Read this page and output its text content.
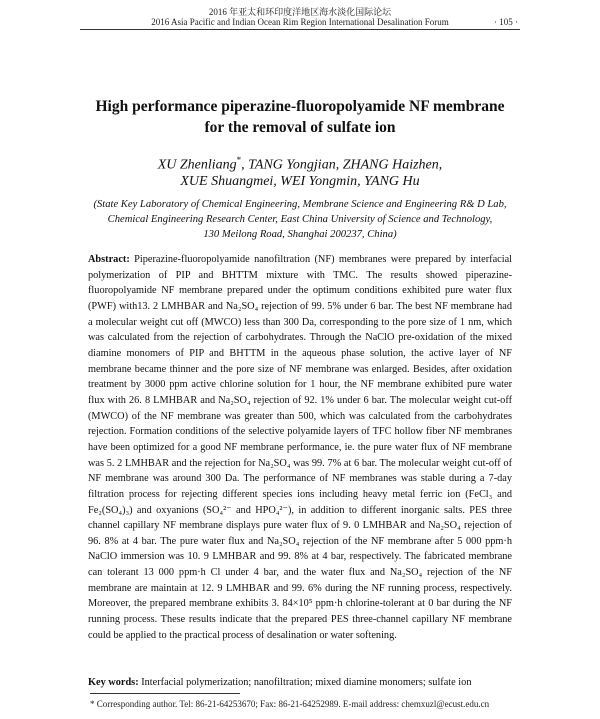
2016 年亚太和环印度洋地区海水淡化国际论坛
2016 Asia Pacific and Indian Ocean Rim Region International Desalination Forum	· 105 ·
High performance piperazine-fluoropolyamide NF membrane
for the removal of sulfate ion
XU Zhenliang*, TANG Yongjian, ZHANG Haizhen,
XUE Shuangmei, WEI Yongmin, YANG Hu
(State Key Laboratory of Chemical Engineering, Membrane Science and Engineering R& D Lab,
Chemical Engineering Research Center, East China University of Science and Technology,
130 Meilong Road, Shanghai 200237, China)
Abstract: Piperazine-fluoropolyamide nanofiltration (NF) membranes were prepared by interfacial polymerization of PIP and BHTTM mixture with TMC. The results showed piperazine-fluoropolyamide NF membrane prepared under the optimum conditions exhibited pure water flux (PWF) with13. 2 LMHBAR and Na₂SO₄ rejection of 99. 5% under 6 bar. The best NF membrane had a molecular weight cut off (MWCO) less than 300 Da, corresponding to the pore size of 1 nm, which was calculated from the rejection of carbohydrates. Through the NaClO pre-oxidation of the mixed diamine monomers of PIP and BHTTM in the aqueous phase solution, the active layer of NF membrane became thinner and the pore size of NF membrane was enlarged. Besides, after oxidation treatment by 3000 ppm active chlorine solution for 1 hour, the NF membrane exhibited pure water flux with 26. 8 LMHBAR and Na₂SO₄ rejection of 92. 1% under 6 bar. The molecular weight cut-off (MWCO) of the NF membrane was greater than 500, which was calculated from the carbohydrates rejection. Formation conditions of the selective polyamide layers of TFC hollow fiber NF membranes have been optimized for a good NF membrane performance, ie. the pure water flux of NF membrane was 5. 2 LMHBAR and the rejection for Na₂SO₄ was 99. 7% at 6 bar. The molecular weight cut-off of NF membrane was around 300 Da. The performance of NF membranes was stable during a 7-day filtration process for rejecting different species ions including heavy metal ferric ion (FeCl₃ and Fe₂(SO₄)₃) and oxyanions (SO₄²⁻ and HPO₄²⁻), in addition to different inorganic salts. PES three channel capillary NF membrane displays pure water flux of 9. 0 LMHBAR and Na₂SO₄ rejection of 96. 8% at 4 bar. The pure water flux and Na₂SO₄ rejection of the NF membrane after 5 000 ppm·h NaClO immersion was 10. 9 LMHBAR and 99. 8% at 4 bar, respectively. The fabricated membrane can tolerant 13 000 ppm·h Cl under 4 bar, and the water flux and Na₂SO₄ rejection of the NF membrane are maintain at 12. 9 LMHBAR and 99. 6% during the NF running process, respectively. Moreover, the prepared membrane exhibits 3. 84×10⁵ ppm·h chlorine-tolerant at 0 bar during the NF running process. These results indicate that the prepared PES three-channel capillary NF membrane could be applied to the practical process of desalination or water softening.
Key words: Interfacial polymerization; nanofiltration; mixed diamine monomers; sulfate ion
* Corresponding author. Tel: 86-21-64253670; Fax: 86-21-64252989. E-mail address: chemxuzl@ecust.edu.cn
